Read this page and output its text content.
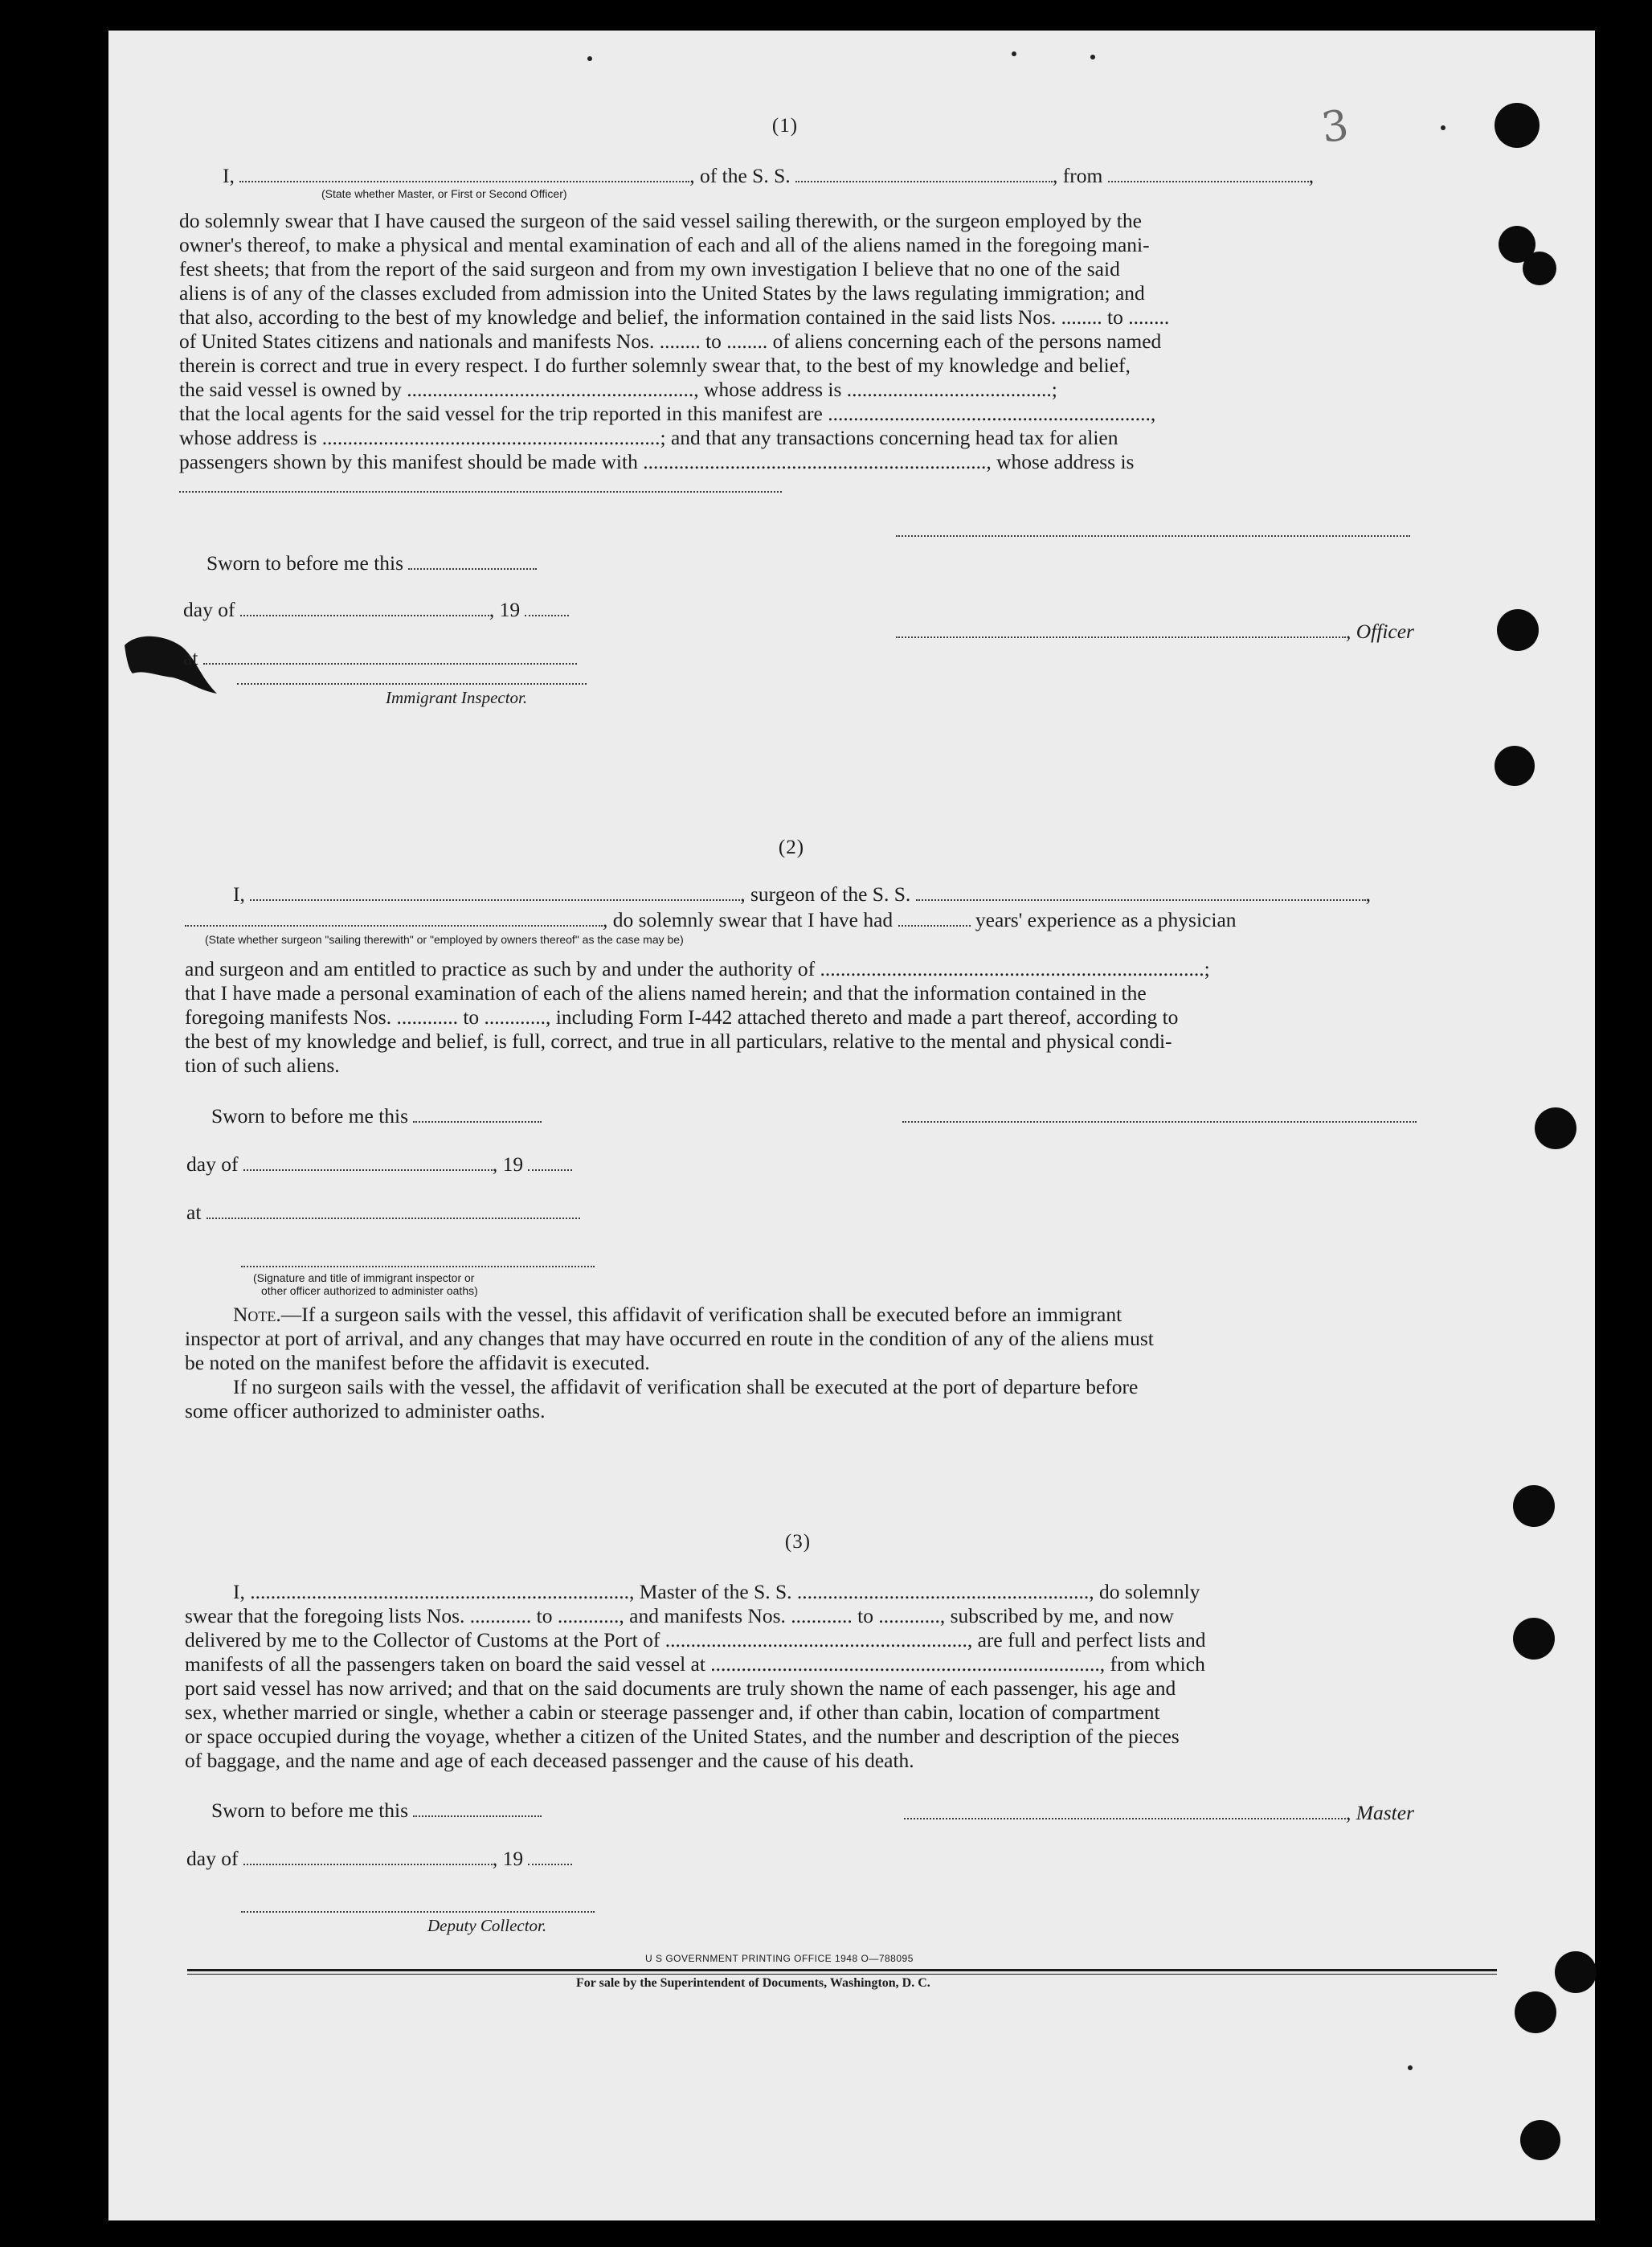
3
(1)
I,	, of the S. S.	, from	,
(State whether Master, or First or Second Officer)

do solemnly swear that I have caused the surgeon of the said vessel sailing therewith, or the surgeon employed by the

owner's thereof, to make a physical and mental examination of each and all of the aliens named in the foregoing mani-

fest sheets; that from the report of the said surgeon and from my own investigation I believe that no one of the said

aliens is of any of the classes excluded from admission into the United States by the laws regulating immigration; and

that also, according to the best of my knowledge and belief, the information contained in the said lists Nos. ........ to ........

of United States citizens and nationals and manifests Nos. ........ to ........ of aliens concerning each of the persons named

therein is correct and true in every respect. I do further solemnly swear that, to the best of my knowledge and belief,

the said vessel is owned by ........................................................, whose address is ........................................;

that the local agents for the said vessel for the trip reported in this manifest are ...............................................................,

whose address is ..................................................................; and that any transactions concerning head tax for alien

passengers shown by this manifest should be made with ..................................................................., whose address is

Sworn to before me this
day of	, 19
, Officer
at
Immigrant Inspector.
(2)
I,	, surgeon of the S. S.	,
, do solemnly swear that I have had	years' experience as a physician
(State whether surgeon "sailing therewith" or "employed by owners thereof" as the case may be)

and surgeon and am entitled to practice as such by and under the authority of ...........................................................................;

that I have made a personal examination of each of the aliens named herein; and that the information contained in the

foregoing manifests Nos. ............ to ............, including Form I-442 attached thereto and made a part thereof, according to

the best of my knowledge and belief, is full, correct, and true in all particulars, relative to the mental and physical condi-

tion of such aliens.

Sworn to before me this
day of	, 19
at
(Signature and title of immigrant inspector or
other officer authorized to administer oaths)

Note.—If a surgeon sails with the vessel, this affidavit of verification shall be executed before an immigrant

inspector at port of arrival, and any changes that may have occurred en route in the condition of any of the aliens must

be noted on the manifest before the affidavit is executed.

If no surgeon sails with the vessel, the affidavit of verification shall be executed at the port of departure before

some officer authorized to administer oaths.

(3)

I, .........................................................................., Master of the S. S. ........................................................., do solemnly

swear that the foregoing lists Nos. ............ to ............, and manifests Nos. ............ to ............, subscribed by me, and now

delivered by me to the Collector of Customs at the Port of ..........................................................., are full and perfect lists and

manifests of all the passengers taken on board the said vessel at ............................................................................, from which

port said vessel has now arrived; and that on the said documents are truly shown the name of each passenger, his age and

sex, whether married or single, whether a cabin or steerage passenger and, if other than cabin, location of compartment

or space occupied during the voyage, whether a citizen of the United States, and the number and description of the pieces

of baggage, and the name and age of each deceased passenger and the cause of his death.

Sworn to before me this	, Master
day of	, 19
Deputy Collector.
U S GOVERNMENT PRINTING OFFICE 1948 O—788095
For sale by the Superintendent of Documents, Washington, D. C.
